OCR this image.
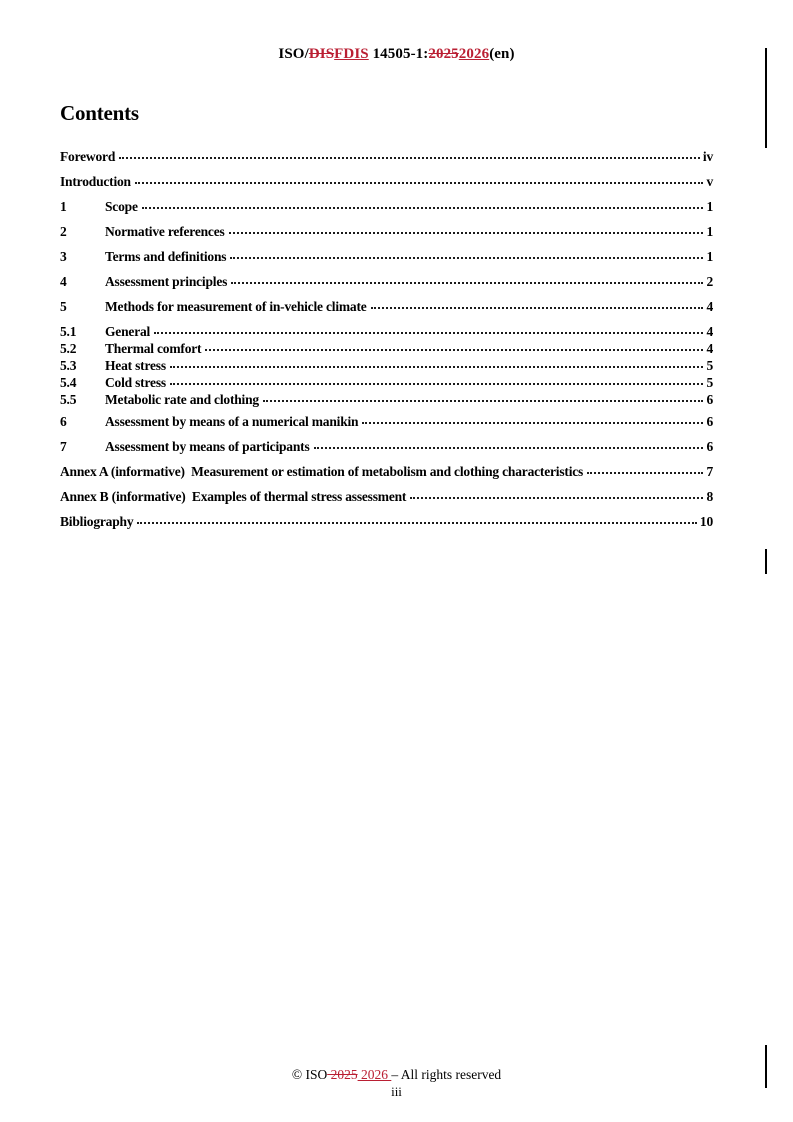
ISO/DISFDIS 14505-1:20252026(en)
Contents
Foreword	iv
Introduction	v
1	Scope	1
2	Normative references	1
3	Terms and definitions	1
4	Assessment principles	2
5	Methods for measurement of in-vehicle climate	4
5.1	General	4
5.2	Thermal comfort	4
5.3	Heat stress	5
5.4	Cold stress	5
5.5	Metabolic rate and clothing	6
6	Assessment by means of a numerical manikin	6
7	Assessment by means of participants	6
Annex A (informative)  Measurement or estimation of metabolism and clothing characteristics	7
Annex B (informative)  Examples of thermal stress assessment	8
Bibliography	10
© ISO 2025 2026 – All rights reserved
iii
